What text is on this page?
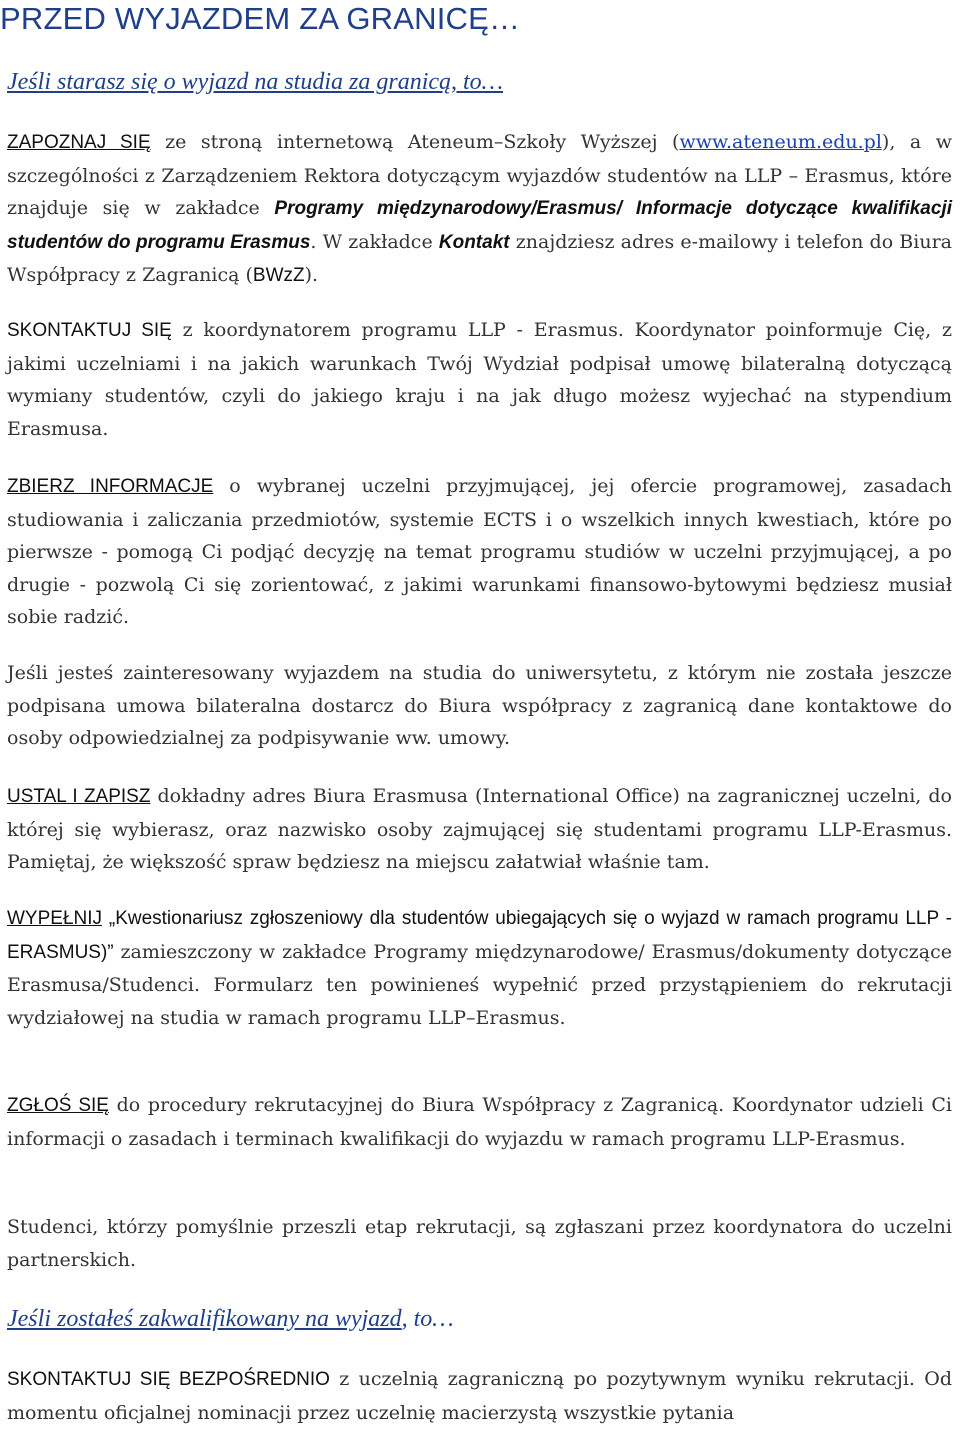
PRZED WYJAZDEM ZA GRANICĘ…

Jeśli starasz się o wyjazd na studia za granicą, to…

ZAPOZNAJ SIĘ ze stroną internetową Ateneum–Szkoły Wyższej (www.ateneum.edu.pl), a w szczególności z Zarządzeniem Rektora dotyczącym wyjazdów studentów na LLP – Erasmus, które znajduje się w zakładce Programy międzynarodowy/Erasmus/ Informacje dotyczące kwalifikacji studentów do programu Erasmus. W zakładce Kontakt znajdziesz adres e-mailowy i telefon do Biura Współpracy z Zagranicą (BWzZ).

SKONTAKTUJ SIĘ z koordynatorem programu LLP - Erasmus. Koordynator poinformuje Cię, z jakimi uczelniami i na jakich warunkach Twój Wydział podpisał umowę bilateralną dotyczącą wymiany studentów, czyli do jakiego kraju i na jak długo możesz wyjechać na stypendium Erasmusa.

ZBIERZ INFORMACJE o wybranej uczelni przyjmującej, jej ofercie programowej, zasadach studiowania i zaliczania przedmiotów, systemie ECTS i o wszelkich innych kwestiach, które po pierwsze - pomogą Ci podjąć decyzję na temat programu studiów w uczelni przyjmującej, a po drugie - pozwolą Ci się zorientować, z jakimi warunkami finansowo-bytowymi będziesz musiał sobie radzić.

Jeśli jesteś zainteresowany wyjazdem na studia do uniwersytetu, z którym nie została jeszcze podpisana umowa bilateralna dostarcz do Biura współpracy z zagranicą dane kontaktowe do osoby odpowiedzialnej za podpisywanie ww. umowy.

USTAL I ZAPISZ dokładny adres Biura Erasmusa (International Office) na zagranicznej uczelni, do której się wybierasz, oraz nazwisko osoby zajmującej się studentami programu LLP-Erasmus. Pamiętaj, że większość spraw będziesz na miejscu załatwiał właśnie tam.

WYPEŁNIJ „Kwestionariusz zgłoszeniowy dla studentów ubiegających się o wyjazd w ramach programu LLP - ERASMUS)” zamieszczony w zakładce Programy międzynarodowe/ Erasmus/dokumenty dotyczące Erasmusa/Studenci. Formularz ten powinieneś wypełnić przed przystąpieniem do rekrutacji wydziałowej na studia w ramach programu LLP–Erasmus.

ZGŁOŚ SIĘ do procedury rekrutacyjnej do Biura Współpracy z Zagranicą. Koordynator udzieli Ci informacji o zasadach i terminach kwalifikacji do wyjazdu w ramach programu LLP-Erasmus.

Studenci, którzy pomyślnie przeszli etap rekrutacji, są zgłaszani przez koordynatora do uczelni partnerskich.

Jeśli zostałeś zakwalifikowany na wyjazd, to…

SKONTAKTUJ SIĘ BEZPOŚREDNIO z uczelnią zagraniczną po pozytywnym wyniku rekrutacji. Od momentu oficjalnej nominacji przez uczelnię macierzystą wszystkie pytania
